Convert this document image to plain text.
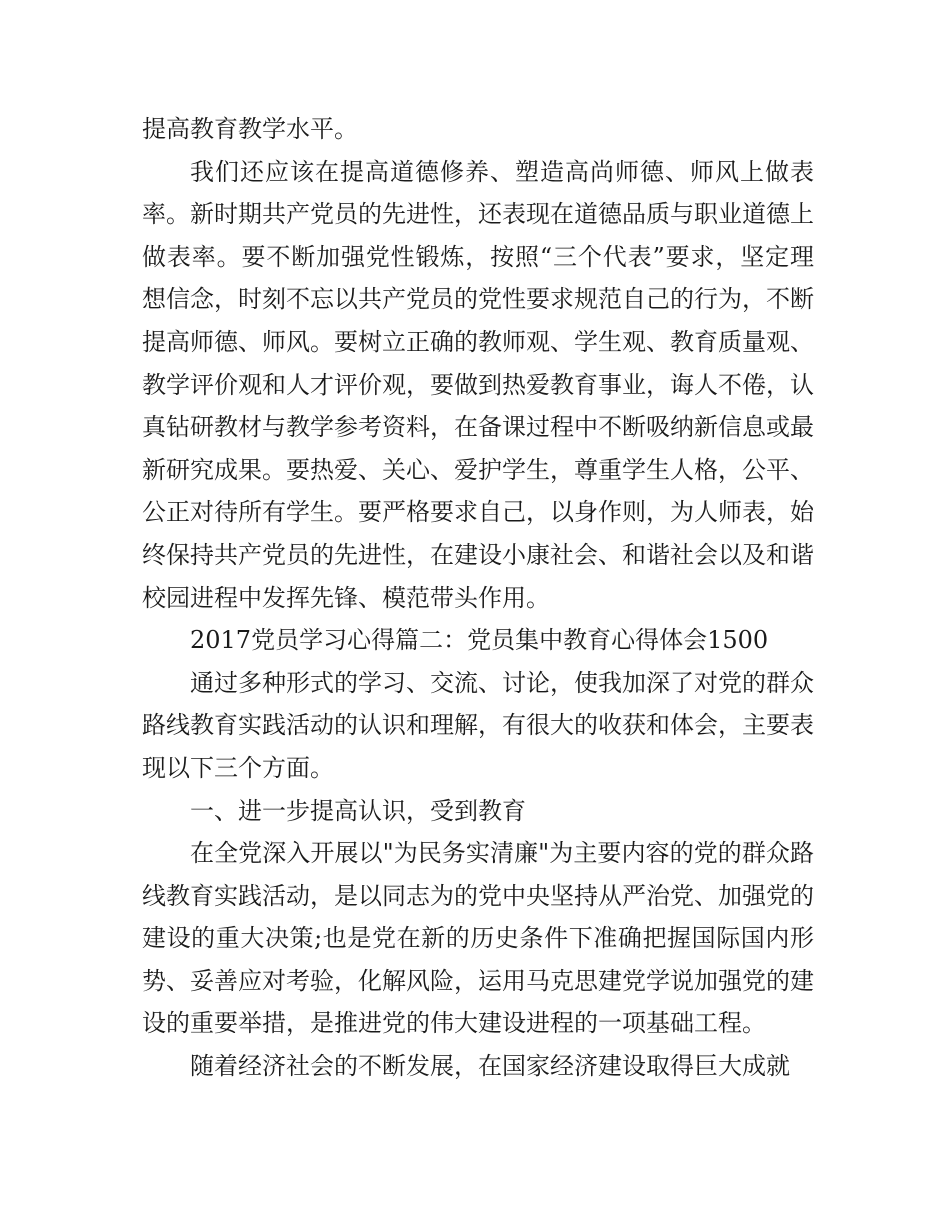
提高教育教学水平。

我们还应该在提高道德修养、塑造高尚师德、师风上做表率。新时期共产党员的先进性，还表现在道德品质与职业道德上做表率。要不断加强党性锻炼，按照“三个代表”要求，坚定理想信念，时刻不忘以共产党员的党性要求规范自己的行为，不断提高师德、师风。要树立正确的教师观、学生观、教育质量观、教学评价观和人才评价观，要做到热爱教育事业，诲人不倦，认真钻研教材与教学参考资料，在备课过程中不断吸纳新信息或最新研究成果。要热爱、关心、爱护学生，尊重学生人格，公平、公正对待所有学生。要严格要求自己，以身作则，为人师表，始终保持共产党员的先进性，在建设小康社会、和谐社会以及和谐校园进程中发挥先锋、模范带头作用。

2017党员学习心得篇二：党员集中教育心得体会1500

通过多种形式的学习、交流、讨论，使我加深了对党的群众路线教育实践活动的认识和理解，有很大的收获和体会，主要表现以下三个方面。

一、进一步提高认识，受到教育

在全党深入开展以"为民务实清廉"为主要内容的党的群众路线教育实践活动，是以同志为的党中央坚持从严治党、加强党的建设的重大决策;也是党在新的历史条件下准确把握国际国内形势、妥善应对考验，化解风险，运用马克思建党学说加强党的建设的重要举措，是推进党的伟大建设进程的一项基础工程。

随着经济社会的不断发展，在国家经济建设取得巨大成就
